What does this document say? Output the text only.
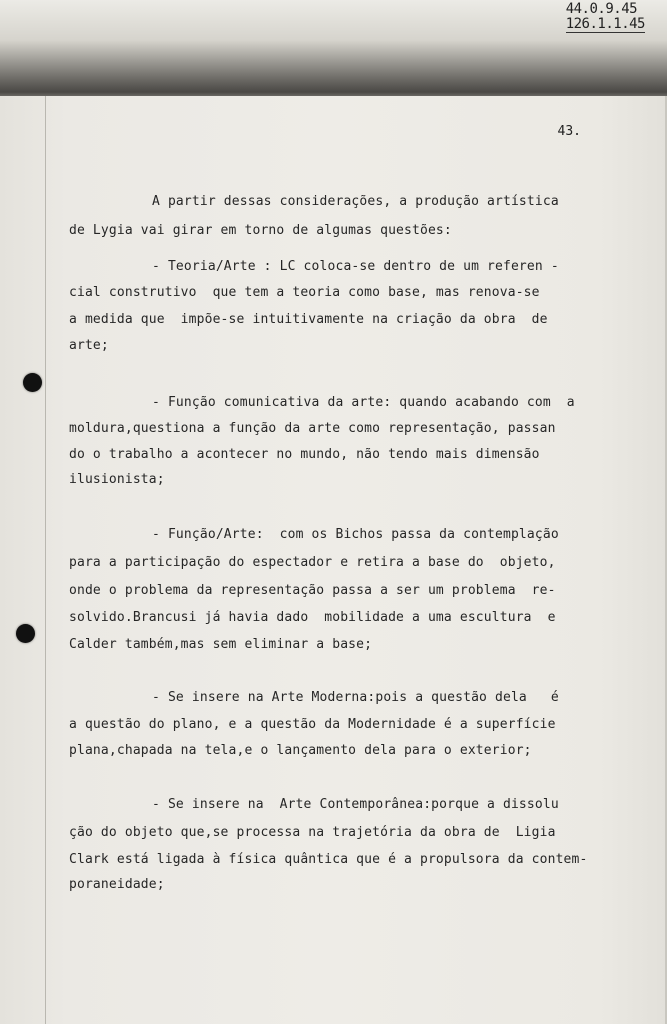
44.0.9.45
126.1.1.45
43.
A partir dessas considerações, a produção artística
de Lygia vai girar em torno de algumas questões:
- Teoria/Arte : LC coloca-se dentro de um referen -
cial construtivo  que tem a teoria como base, mas renova-se
a medida que  impõe-se intuitivamente na criação da obra  de
arte;
- Função comunicativa da arte: quando acabando com  a
moldura,questiona a função da arte como representação, passan
do o trabalho a acontecer no mundo, não tendo mais dimensão
ilusionista;
- Função/Arte:  com os Bichos passa da contemplação
para a participação do espectador e retira a base do  objeto,
onde o problema da representação passa a ser um problema  re-
solvido.Brancusi já havia dado  mobilidade a uma escultura  e
Calder também,mas sem eliminar a base;
- Se insere na Arte Moderna:pois a questão dela   é
a questão do plano, e a questão da Modernidade é a superfície
plana,chapada na tela,e o lançamento dela para o exterior;
- Se insere na  Arte Contemporânea:porque a dissolu
ção do objeto que,se processa na trajetória da obra de  Ligia
Clark está ligada à física quântica que é a propulsora da contem-
poraneidade;
